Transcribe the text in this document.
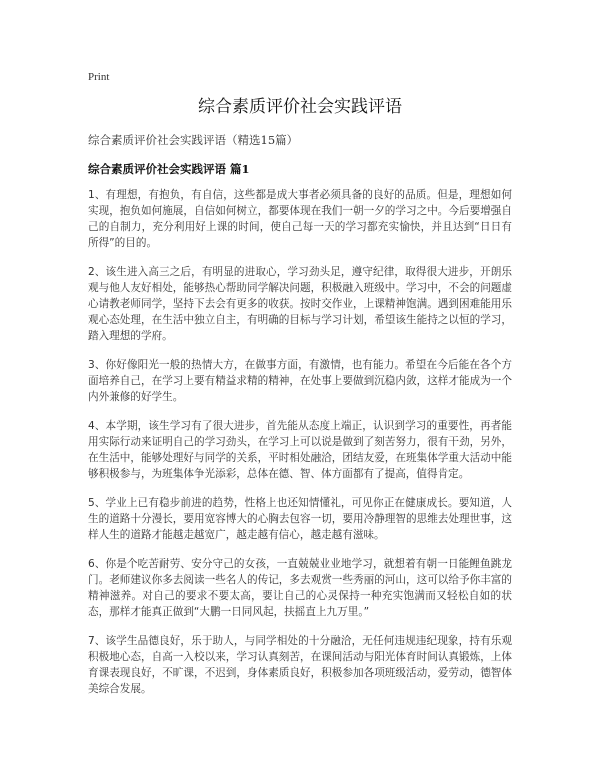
Print
综合素质评价社会实践评语
综合素质评价社会实践评语（精选15篇）
综合素质评价社会实践评语 篇1

1、有理想，有抱负，有自信，这些都是成大事者必须具备的良好的品质。但是，理想如何实现，抱负如何施展，自信如何树立，都要体现在我们一朝一夕的学习之中。今后要增强自己的自制力，充分利用好上课的时间，使自己每一天的学习都充实愉快，并且达到“日日有所得”的目的。

2、该生进入高三之后，有明显的进取心，学习劲头足，遵守纪律，取得很大进步，开朗乐观与他人友好相处，能够热心帮助同学解决问题，积极融入班级中。学习中，不会的问题虚心请教老师同学，坚持下去会有更多的收获。按时交作业，上课精神饱满。遇到困难能用乐观心态处理，在生活中独立自主，有明确的目标与学习计划，希望该生能持之以恒的学习，踏入理想的学府。

3、你好像阳光一般的热情大方，在做事方面，有激情，也有能力。希望在今后能在各个方面培养自己，在学习上要有精益求精的精神，在处事上要做到沉稳内敛，这样才能成为一个内外兼修的好学生。

4、本学期，该生学习有了很大进步，首先能从态度上端正，认识到学习的重要性，再者能用实际行动来证明自己的学习劲头，在学习上可以说是做到了刻苦努力，很有干劲，另外，在生活中，能够处理好与同学的关系，平时相处融洽，团结友爱，在班集体学重大活动中能够积极参与，为班集体争光添彩，总体在德、智、体方面都有了提高，值得肯定。

5、学业上已有稳步前进的趋势，性格上也还知情懂礼，可见你正在健康成长。要知道，人生的道路十分漫长，要用宽容博大的心胸去包容一切，要用冷静理智的思维去处理世事，这样人生的道路才能越走越宽广，越走越有信心，越走越有滋味。

6、你是个吃苦耐劳、安分守己的女孩，一直兢兢业业地学习，就想着有朝一日能鲤鱼跳龙门。老师建议你多去阅读一些名人的传记，多去观赏一些秀丽的河山，这可以给予你丰富的精神滋养。对自己的要求不要太高，要让自己的心灵保持一种充实饱满而又轻松自如的状态，那样才能真正做到“大鹏一日同风起，扶摇直上九万里。”

7、该学生品德良好，乐于助人，与同学相处的十分融洽，无任何违规违纪现象，持有乐观积极地心态，自高一入校以来，学习认真刻苦，在课间活动与阳光体育时间认真锻炼，上体育课表现良好，不旷课，不迟到，身体素质良好，积极参加各项班级活动，爱劳动，德智体美综合发展。
